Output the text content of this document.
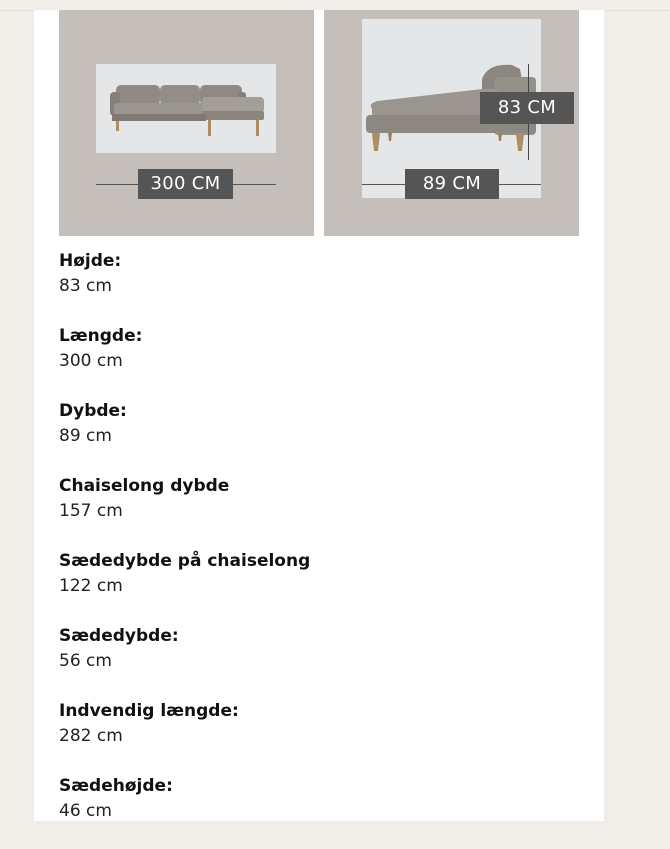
300 CM	89 CM
83 CM
Højde:
83 cm
Længde:
300 cm
Dybde:
89 cm
Chaiselong dybde
157 cm
Sædedybde på chaiselong
122 cm
Sædedybde:
56 cm
Indvendig længde:
282 cm
Sædehøjde:
46 cm
